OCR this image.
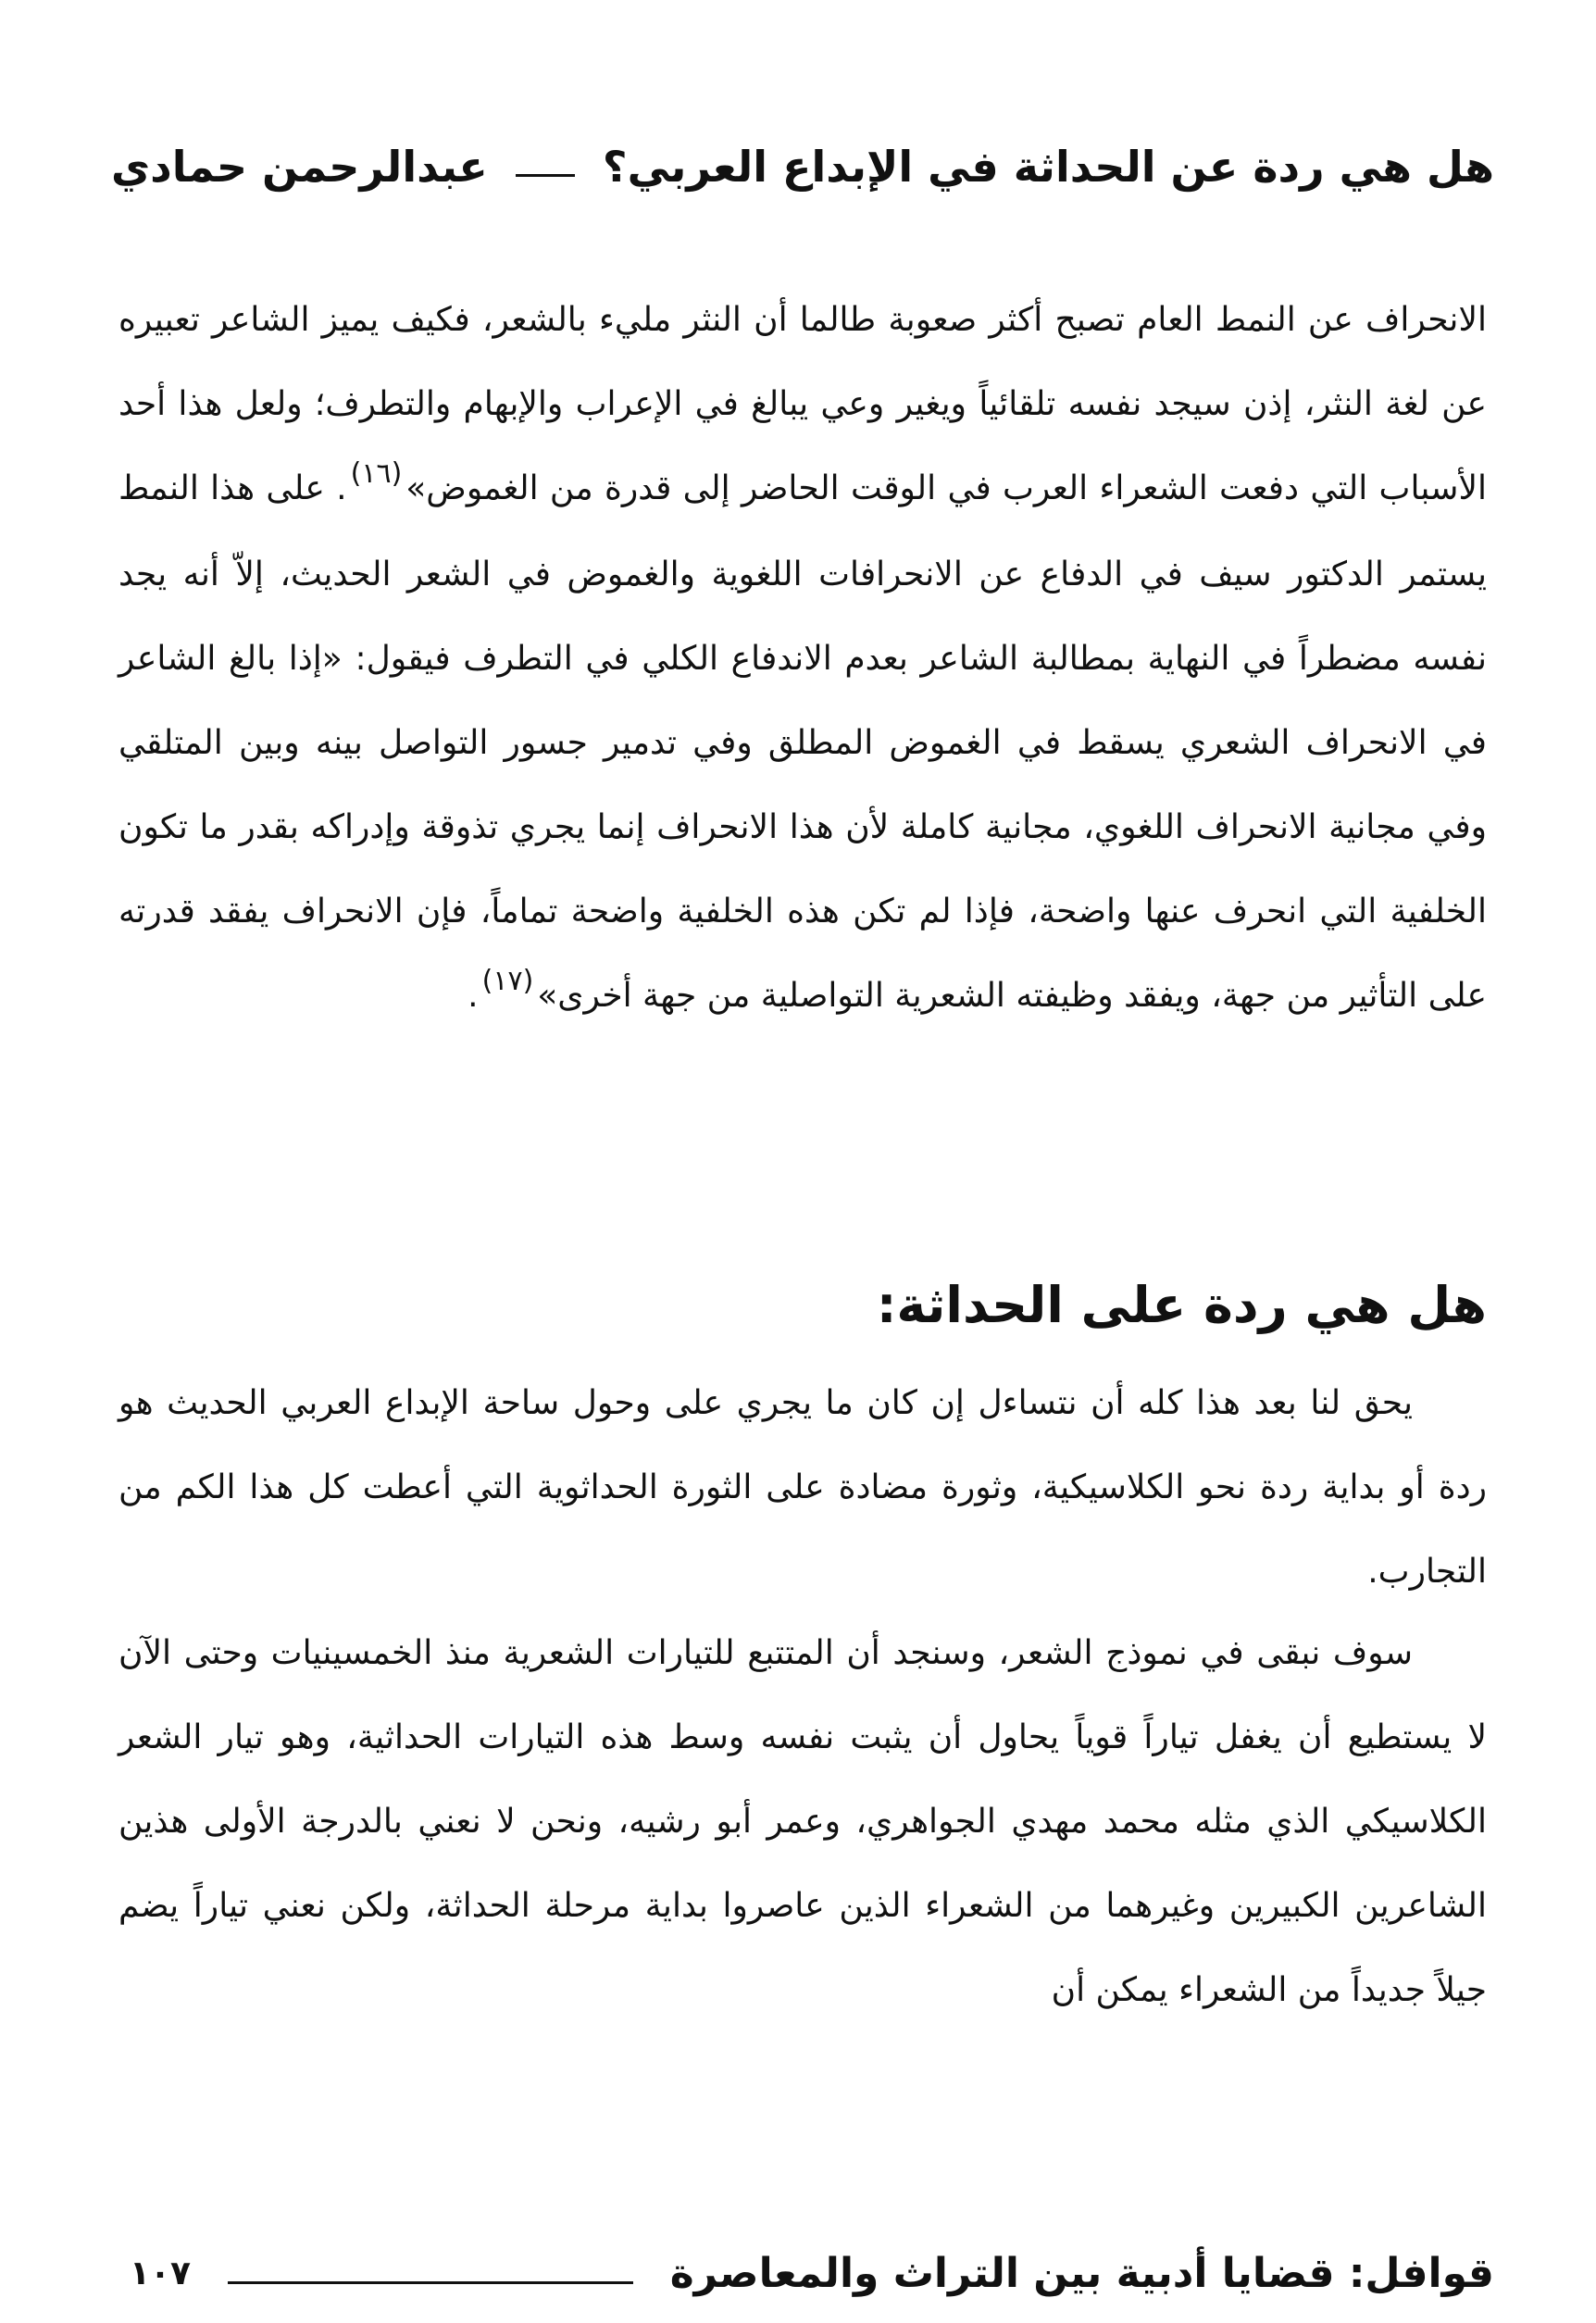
هل هي ردة عن الحداثة في الإبداع العربي؟
عبدالرحمن حمادي

الانحراف عن النمط العام تصبح أكثر صعوبة طالما أن النثر مليء بالشعر، فكيف يميز الشاعر تعبيره عن لغة النثر، إذن سيجد نفسه تلقائياً ويغير وعي يبالغ في الإعراب والإبهام والتطرف؛ ولعل هذا أحد الأسباب التي دفعت الشعراء العرب في الوقت الحاضر إلى قدرة من الغموض»$^{(١٦)}$. على هذا النمط يستمر الدكتور سيف في الدفاع عن الانحرافات اللغوية والغموض في الشعر الحديث، إلاّ أنه يجد نفسه مضطراً في النهاية بمطالبة الشاعر بعدم الاندفاع الكلي في التطرف فيقول: «إذا بالغ الشاعر في الانحراف الشعري يسقط في الغموض المطلق وفي تدمير جسور التواصل بينه وبين المتلقي وفي مجانية الانحراف اللغوي، مجانية كاملة لأن هذا الانحراف إنما يجري تذوقة وإدراكه بقدر ما تكون الخلفية التي انحرف عنها واضحة، فإذا لم تكن هذه الخلفية واضحة تماماً، فإن الانحراف يفقد قدرته على التأثير من جهة، ويفقد وظيفته الشعرية التواصلية من جهة أخرى»$^{(١٧)}$.

هل هي ردة على الحداثة:

يحق لنا بعد هذا كله أن نتساءل إن كان ما يجري على وحول ساحة الإبداع العربي الحديث هو ردة أو بداية ردة نحو الكلاسيكية، وثورة مضادة على الثورة الحداثوية التي أعطت كل هذا الكم من التجارب.

سوف نبقى في نموذج الشعر، وسنجد أن المتتبع للتيارات الشعرية منذ الخمسينيات وحتى الآن لا يستطيع أن يغفل تياراً قوياً يحاول أن يثبت نفسه وسط هذه التيارات الحداثية، وهو تيار الشعر الكلاسيكي الذي مثله محمد مهدي الجواهري، وعمر أبو رشيه، ونحن لا نعني بالدرجة الأولى هذين الشاعرين الكبيرين وغيرهما من الشعراء الذين عاصروا بداية مرحلة الحداثة، ولكن نعني تياراً يضم جيلاً جديداً من الشعراء يمكن أن

قوافل: قضايا أدبية بين التراث والمعاصرة
١٠٧
